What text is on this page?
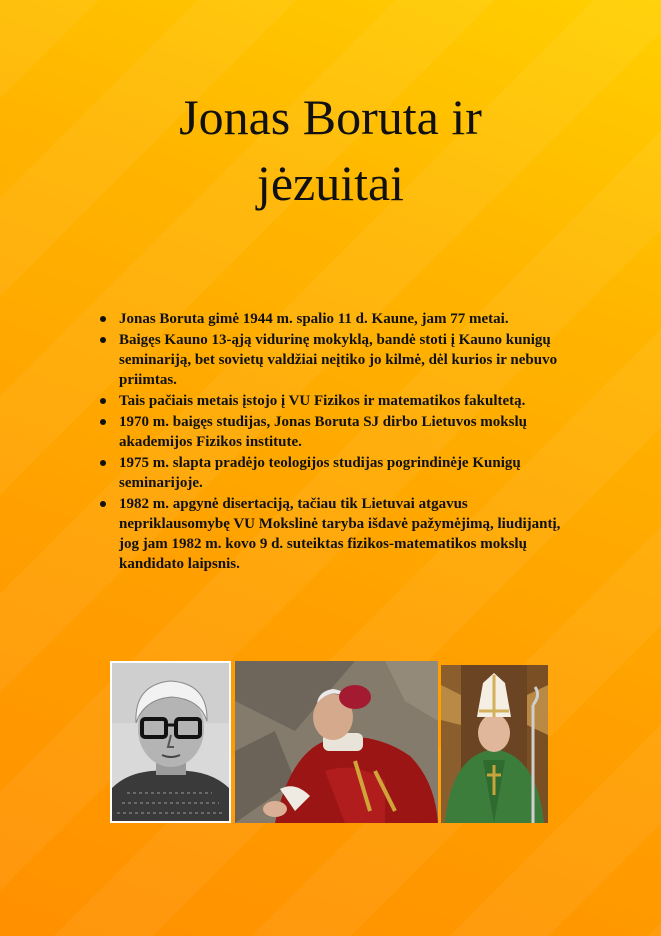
Jonas Boruta ir
jėzuitai
Jonas Boruta gimė 1944 m. spalio 11 d. Kaune, jam 77 metai.
Baigęs Kauno 13-ąją vidurinę mokyklą, bandė stoti į Kauno kunigų seminariją, bet sovietų valdžiai neįtiko jo kilmė, dėl kurios ir nebuvo priimtas.
Tais pačiais metais įstojo į VU Fizikos ir matematikos fakultetą.
1970 m. baigęs studijas, Jonas Boruta SJ dirbo Lietuvos mokslų akademijos Fizikos institute.
1975 m. slapta pradėjo teologijos studijas pogrindinėje Kunigų seminarijoje.
1982 m. apgynė disertaciją, tačiau tik Lietuvai atgavus nepriklausomybę VU Mokslinė taryba išdavė pažymėjimą, liudijantį, jog jam 1982 m. kovo 9 d. suteiktas fizikos-matematikos mokslų kandidato laipsnis.
